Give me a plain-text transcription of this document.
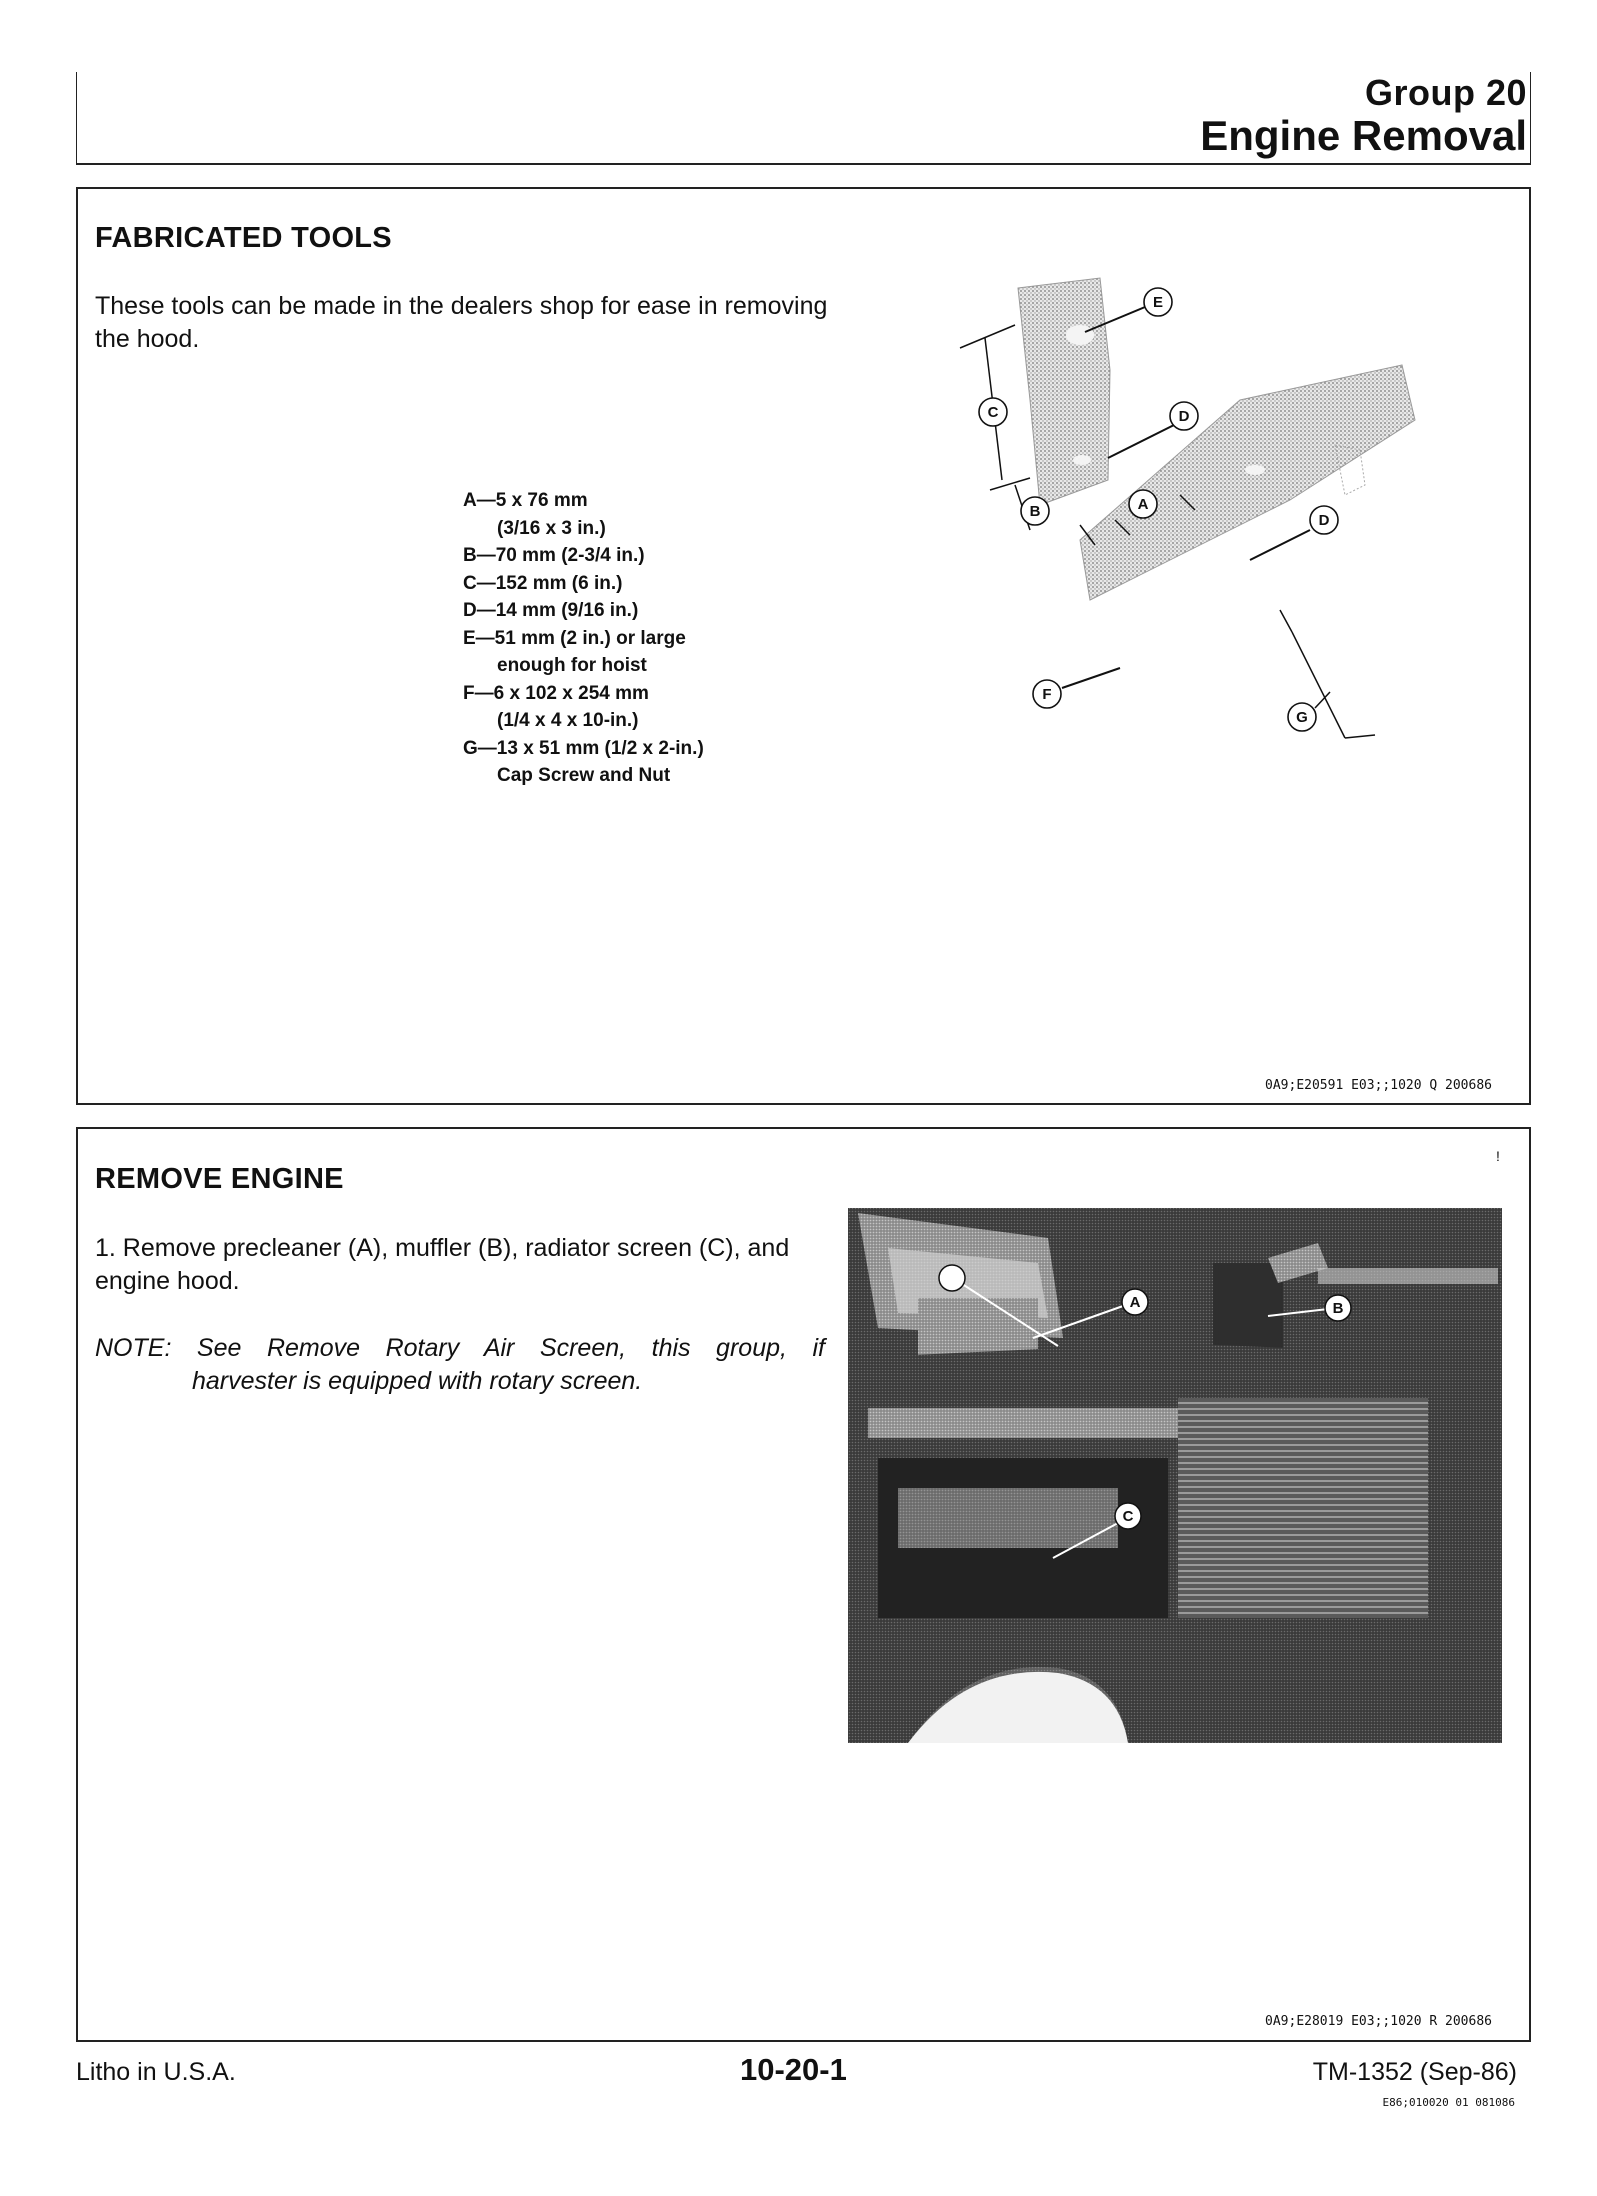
Group 20
Engine Removal
FABRICATED TOOLS
These tools can be made in the dealers shop for ease in removing the hood.
A—5 x 76 mm
(3/16 x 3 in.)
B—70 mm (2-3/4 in.)
C—152 mm (6 in.)
D—14 mm (9/16 in.)
E—51 mm (2 in.) or large
enough for hoist
F—6 x 102 x 254 mm
(1/4 x 4 x 10-in.)
G—13 x 51 mm (1/2 x 2-in.)
Cap Screw and Nut
E
C	D
B	A
D
F
G
0A9;E20591 E03;;1020 Q 200686
!
REMOVE ENGINE
1. Remove precleaner (A), muffler (B), radiator screen (C), and engine hood.
NOTE: See Remove Rotary Air Screen, this group, if
harvester is equipped with rotary screen.
A	B
C
0A9;E28019 E03;;1020 R 200686
Litho in U.S.A.	10-20-1	TM-1352 (Sep-86)
E86;010020 01 081086
